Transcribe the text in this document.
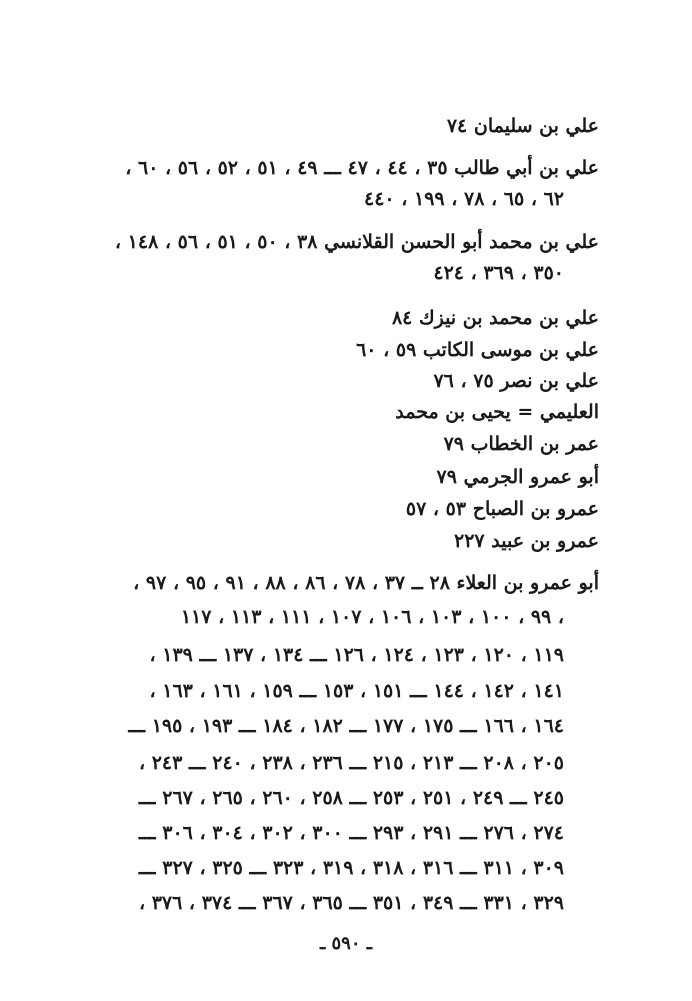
علي بن سليمان ٧٤
علي بن أبي طالب ٣٥ ، ٤٤ ، ٤٧ ـــ ٤٩ ، ٥١ ، ٥٢ ، ٥٦ ، ٦٠ ،
٦٢ ، ٦٥ ، ٧٨ ، ١٩٩ ، ٤٤٠
علي بن محمد أبو الحسن القلانسي ٣٨ ، ٥٠ ، ٥١ ، ٥٦ ، ١٤٨ ،
٣٥٠ ، ٣٦٩ ، ٤٢٤
علي بن محمد بن نيزك ٨٤
علي بن موسى الكاتب ٥٩ ، ٦٠
علي بن نصر ٧٥ ، ٧٦
العليمي = يحيى بن محمد
عمر بن الخطاب ٧٩
أبو عمرو الجرمي ٧٩
عمرو بن الصباح ٥٣ ، ٥٧
عمرو بن عبيد ٢٢٧
أبو عمرو بن العلاء ٢٨ ــ ٣٧ ، ٧٨ ، ٨٦ ، ٨٨ ، ٩١ ، ٩٥ ، ٩٧ ،
٩٩ ، ١٠٠ ، ١٠٣ ، ١٠٦ ، ١٠٧ ، ١١١ ، ١١٣ ، ١١٧ ،
١١٩ ، ١٢٠ ، ١٢٣ ، ١٢٤ ، ١٢٦ ـــ ١٣٤ ، ١٣٧ ـــ ١٣٩ ،
١٤١ ، ١٤٢ ، ١٤٤ ـــ ١٥١ ، ١٥٣ ـــ ١٥٩ ، ١٦١ ، ١٦٣ ،
١٦٤ ، ١٦٦ ـــ ١٧٥ ، ١٧٧ ـــ ١٨٢ ، ١٨٤ ـــ ١٩٣ ، ١٩٥ ـــ
٢٠٥ ، ٢٠٨ ـــ ٢١٣ ، ٢١٥ ـــ ٢٣٦ ، ٢٣٨ ، ٢٤٠ ـــ ٢٤٣ ،
٢٤٥ ـــ ٢٤٩ ، ٢٥١ ، ٢٥٣ ـــ ٢٥٨ ، ٢٦٠ ، ٢٦٥ ، ٢٦٧ ـــ
٢٧٤ ، ٢٧٦ ـــ ٢٩١ ، ٢٩٣ ـــ ٣٠٠ ، ٣٠٢ ، ٣٠٤ ، ٣٠٦ ـــ
٣٠٩ ، ٣١١ ـــ ٣١٦ ، ٣١٨ ، ٣١٩ ، ٣٢٣ ـــ ٣٢٥ ، ٣٢٧ ـــ
٣٢٩ ، ٣٣١ ـــ ٣٤٩ ، ٣٥١ ـــ ٣٦٥ ، ٣٦٧ ـــ ٣٧٤ ، ٣٧٦ ،
ـ ٥٩٠ ـ
